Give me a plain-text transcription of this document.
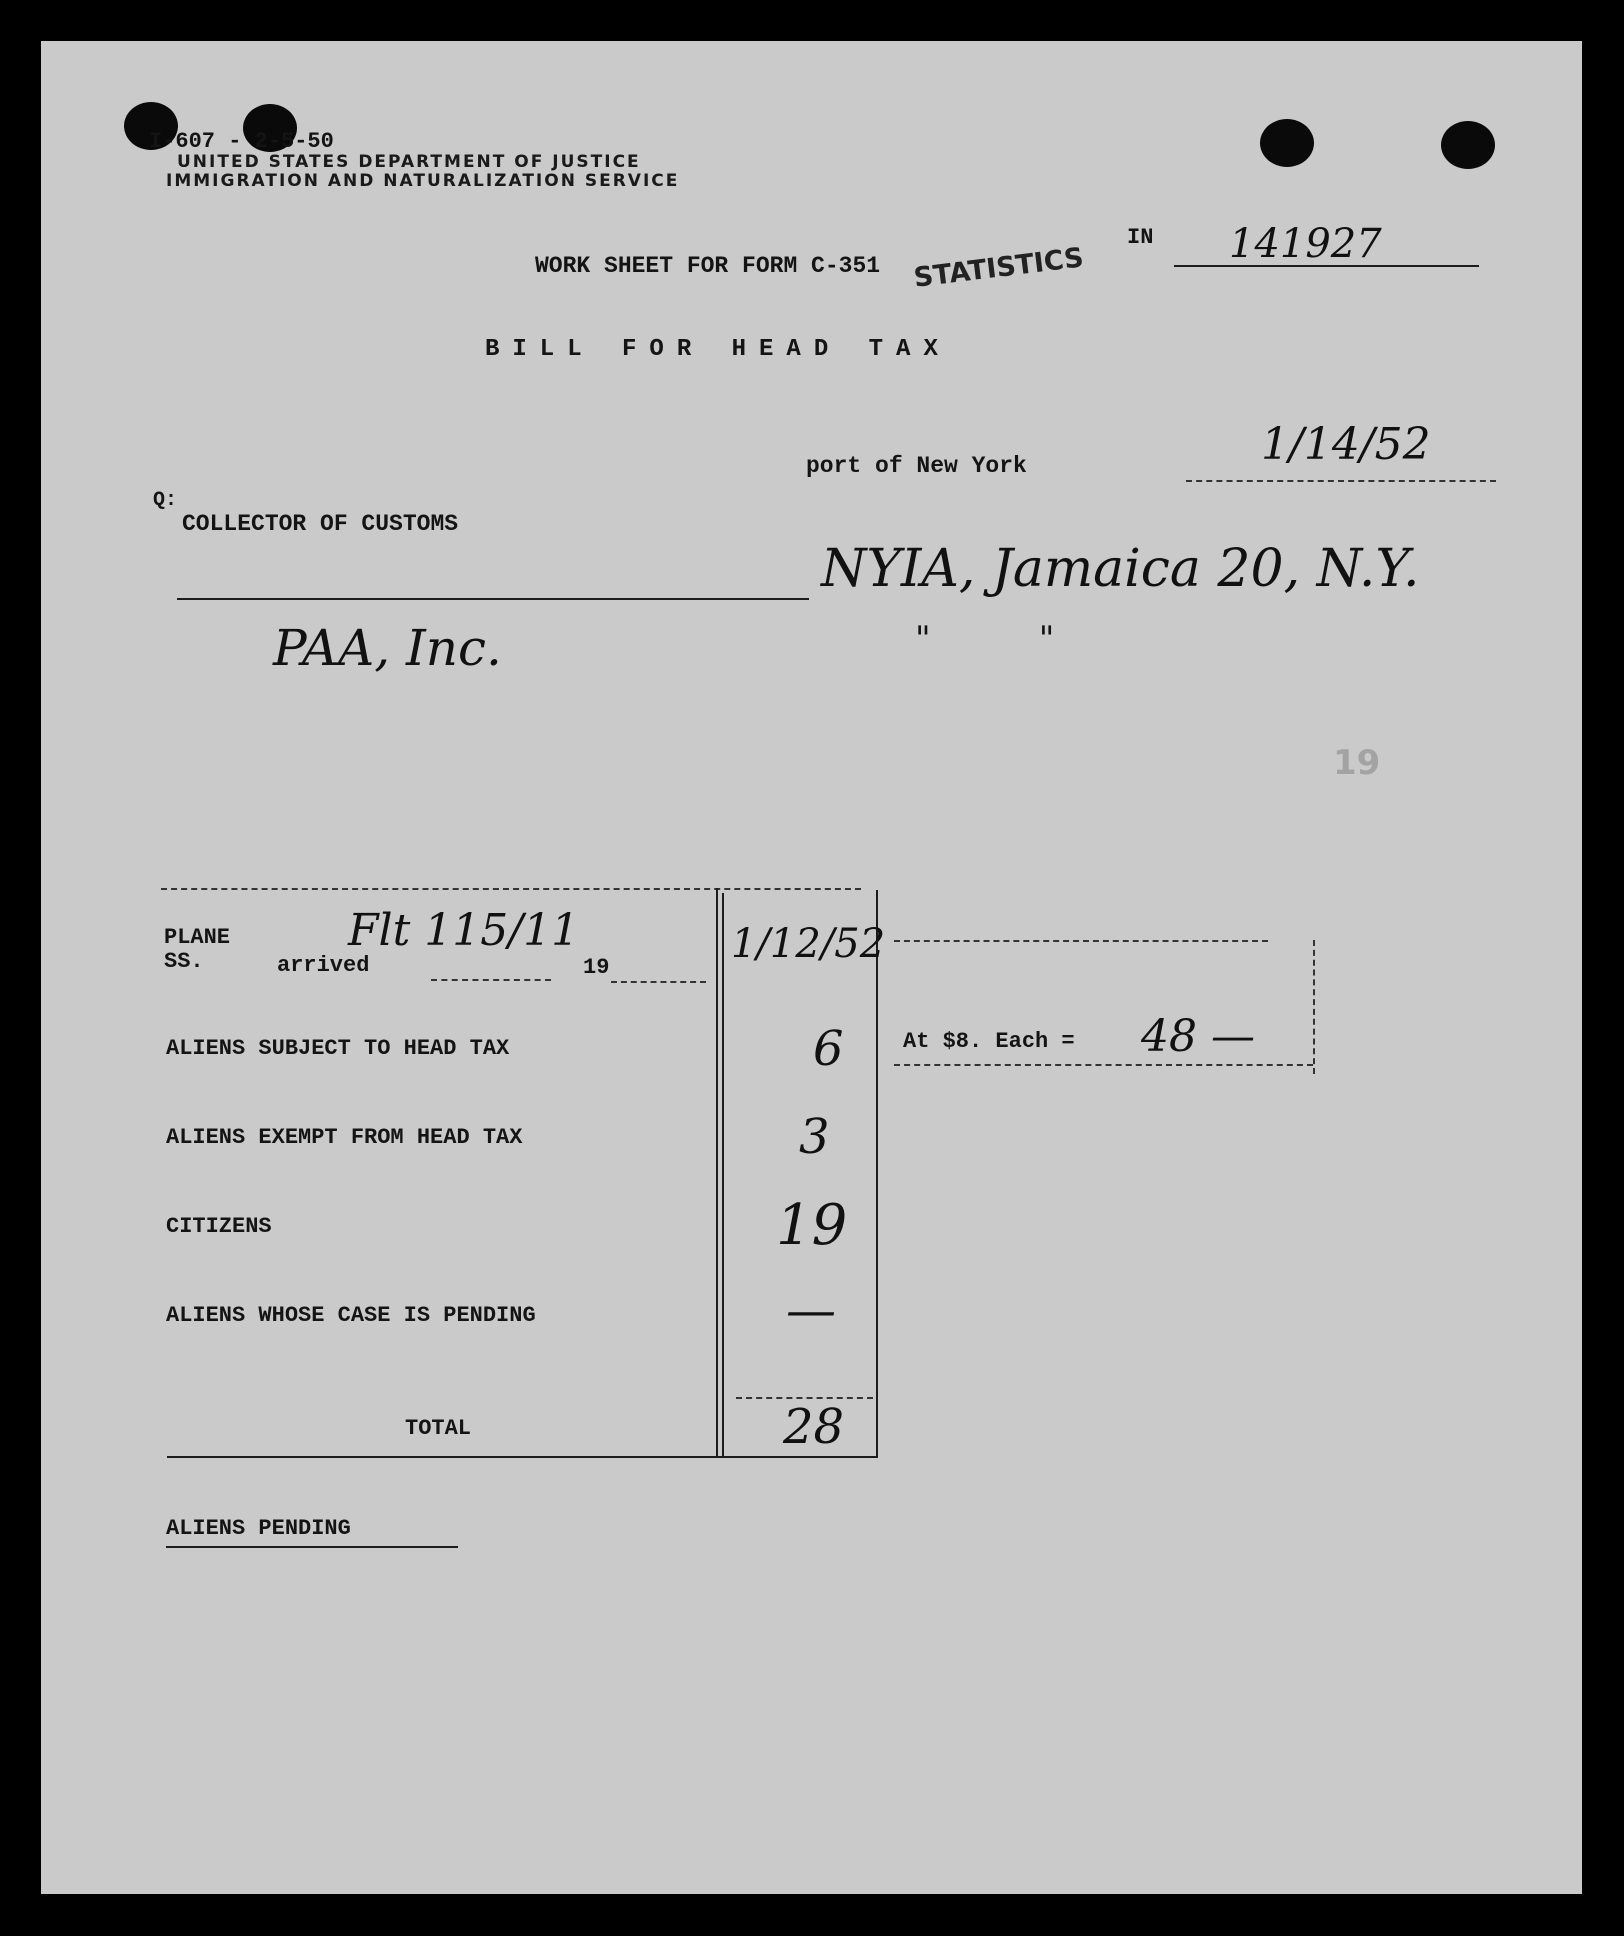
I-607 - 2-5-50
UNITED STATES DEPARTMENT OF JUSTICE
IMMIGRATION AND NATURALIZATION SERVICE
WORK SHEET FOR FORM C-351 STATISTICS
IN 141927
BILL FOR HEAD TAX
port of New York	1/14/52
Q:
COLLECTOR OF CUSTOMS
NYIA, Jamaica 20, N.Y.
"          "
PAA, Inc.
19
PLANE
SS.	arrived
Flt 115/11
19
1/12/52
ALIENS SUBJECT TO HEAD TAX	6
ALIENS EXEMPT FROM HEAD TAX	3
CITIZENS	19
ALIENS WHOSE CASE IS PENDING	—
TOTAL	28
At $8. Each = 48 —
ALIENS PENDING
